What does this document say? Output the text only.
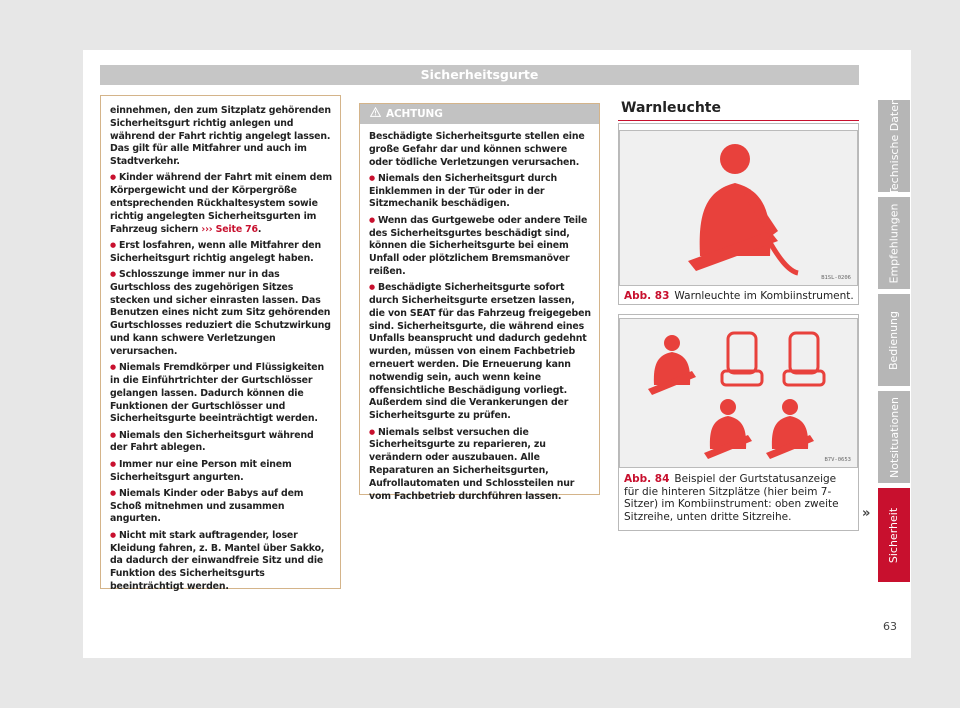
Sicherheitsgurte

einnehmen, den zum Sitzplatz gehörenden Sicherheitsgurt richtig anlegen und während der Fahrt richtig angelegt lassen. Das gilt für alle Mitfahrer und auch im Stadtverkehr.

● Kinder während der Fahrt mit einem dem Körpergewicht und der Körpergröße entsprechenden Rückhaltesystem sowie richtig angelegten Sicherheitsgurten im Fahrzeug sichern ››› Seite 76.

● Erst losfahren, wenn alle Mitfahrer den Sicherheitsgurt richtig angelegt haben.

● Schlosszunge immer nur in das Gurtschloss des zugehörigen Sitzes stecken und sicher einrasten lassen. Das Benutzen eines nicht zum Sitz gehörenden Gurtschlosses reduziert die Schutzwirkung und kann schwere Verletzungen verursachen.

● Niemals Fremdkörper und Flüssigkeiten in die Einführtrichter der Gurtschlösser gelangen lassen. Dadurch können die Funktionen der Gurtschlösser und Sicherheitsgurte beeinträchtigt werden.

● Niemals den Sicherheitsgurt während der Fahrt ablegen.

● Immer nur eine Person mit einem Sicherheitsgurt angurten.

● Niemals Kinder oder Babys auf dem Schoß mitnehmen und zusammen angurten.

● Nicht mit stark auftragender, loser Kleidung fahren, z. B. Mantel über Sakko, da dadurch der einwandfreie Sitz und die Funktion des Sicherheitsgurts beeinträchtigt werden.

ACHTUNG

Beschädigte Sicherheitsgurte stellen eine große Gefahr dar und können schwere oder tödliche Verletzungen verursachen.

● Niemals den Sicherheitsgurt durch Einklemmen in der Tür oder in der Sitzmechanik beschädigen.

● Wenn das Gurtgewebe oder andere Teile des Sicherheitsgurtes beschädigt sind, können die Sicherheitsgurte bei einem Unfall oder plötzlichem Bremsmanöver reißen.

● Beschädigte Sicherheitsgurte sofort durch Sicherheitsgurte ersetzen lassen, die von SEAT für das Fahrzeug freigegeben sind. Sicherheitsgurte, die während eines Unfalls beansprucht und dadurch gedehnt wurden, müssen von einem Fachbetrieb erneuert werden. Die Erneuerung kann notwendig sein, auch wenn keine offensichtliche Beschädigung vorliegt. Außerdem sind die Verankerungen der Sicherheitsgurte zu prüfen.

● Niemals selbst versuchen die Sicherheitsgurte zu reparieren, zu verändern oder auszubauen. Alle Reparaturen an Sicherheitsgurten, Aufrollautomaten und Schlossteilen nur vom Fachbetrieb durchführen lassen.

Warnleuchte
B1SL-0206
Abb. 83 Warnleuchte im Kombiinstrument.
B7V-0653
Abb. 84 Beispiel der Gurtstatusanzeige für die hinteren Sitzplätze (hier beim 7-Sitzer) im Kombiinstrument: oben zweite Sitzreihe, unten dritte Sitzreihe.	»
Technische Daten
Empfehlungen
Bedienung
Notsituationen
Sicherheit
63
